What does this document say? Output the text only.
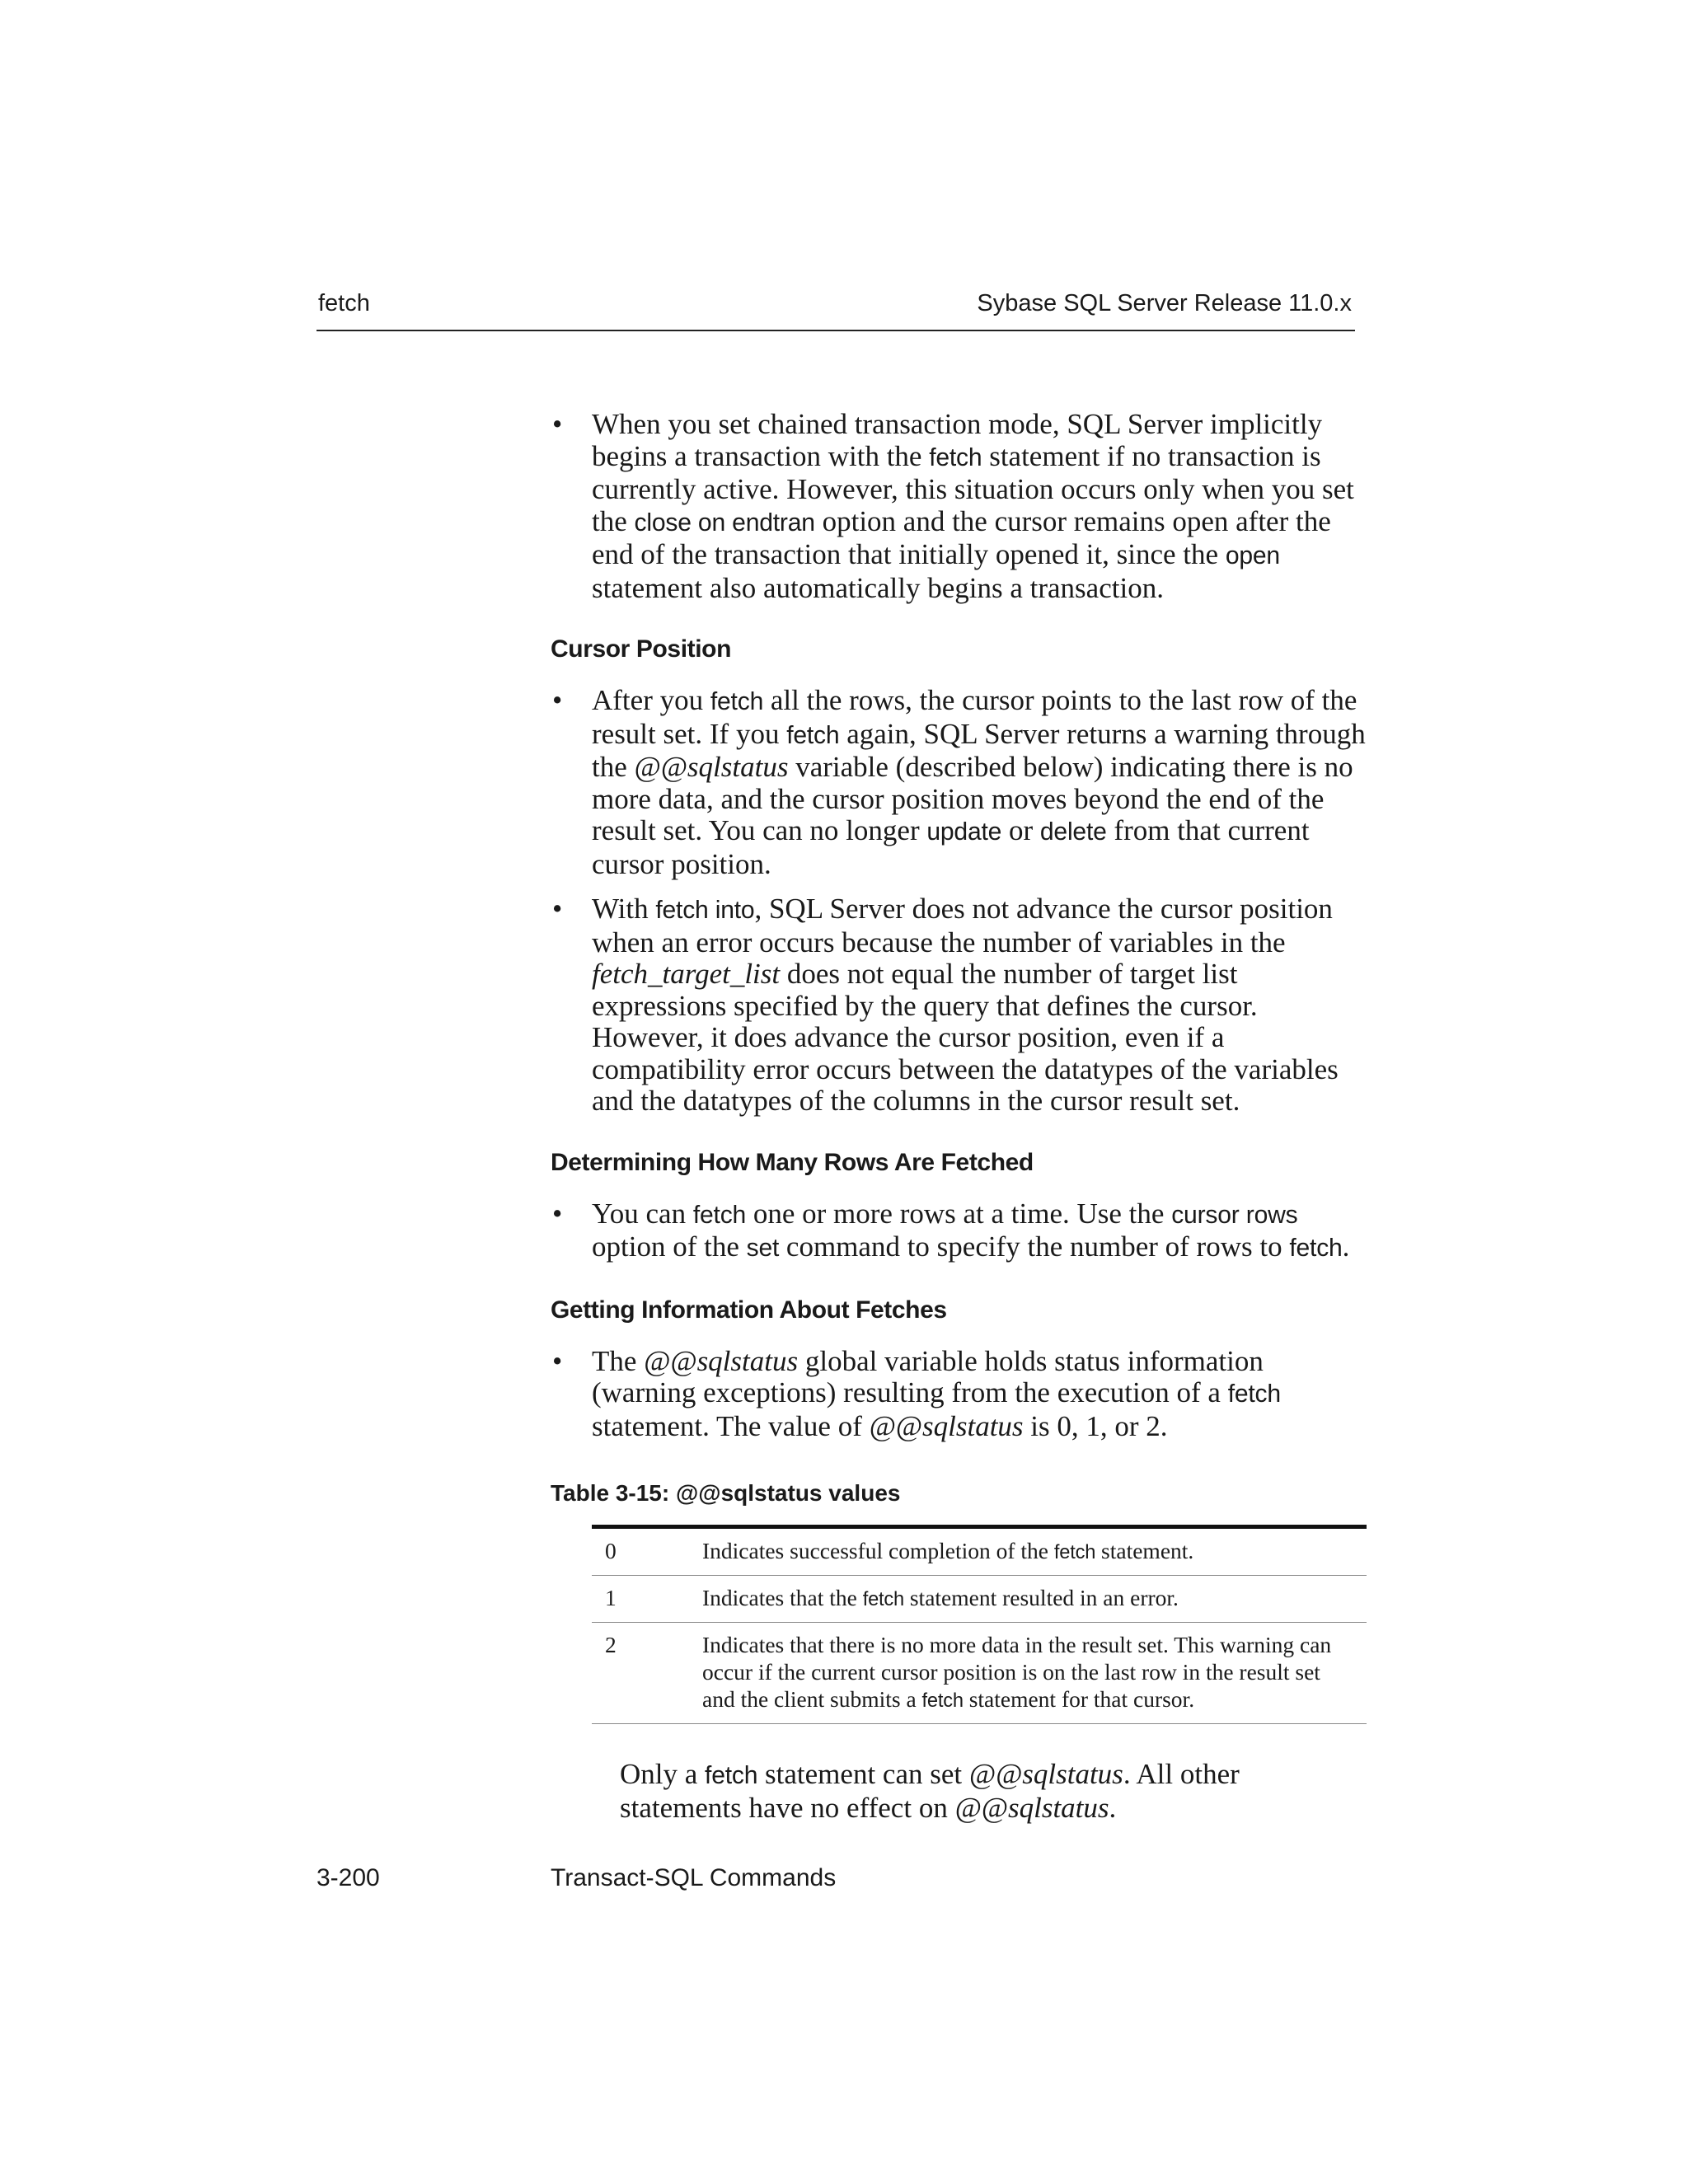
fetch	Sybase SQL Server Release 11.0.x

• When you set chained transaction mode, SQL Server implicitly begins a transaction with the fetch statement if no transaction is currently active. However, this situation occurs only when you set the close on endtran option and the cursor remains open after the end of the transaction that initially opened it, since the open statement also automatically begins a transaction.

Cursor Position

• After you fetch all the rows, the cursor points to the last row of the result set. If you fetch again, SQL Server returns a warning through the @@sqlstatus variable (described below) indicating there is no more data, and the cursor position moves beyond the end of the result set. You can no longer update or delete from that current cursor position.

• With fetch into, SQL Server does not advance the cursor position when an error occurs because the number of variables in the fetch_target_list does not equal the number of target list expressions specified by the query that defines the cursor. However, it does advance the cursor position, even if a compatibility error occurs between the datatypes of the variables and the datatypes of the columns in the cursor result set.

Determining How Many Rows Are Fetched

• You can fetch one or more rows at a time. Use the cursor rows option of the set command to specify the number of rows to fetch.

Getting Information About Fetches

• The @@sqlstatus global variable holds status information (warning exceptions) resulting from the execution of a fetch statement. The value of @@sqlstatus is 0, 1, or 2.

Table 3-15: @@sqlstatus values
0	Indicates successful completion of the fetch statement.
1	Indicates that the fetch statement resulted in an error.
2	Indicates that there is no more data in the result set. This warning can occur if the current cursor position is on the last row in the result set and the client submits a fetch statement for that cursor.

Only a fetch statement can set @@sqlstatus. All other statements have no effect on @@sqlstatus.

3-200	Transact-SQL Commands
